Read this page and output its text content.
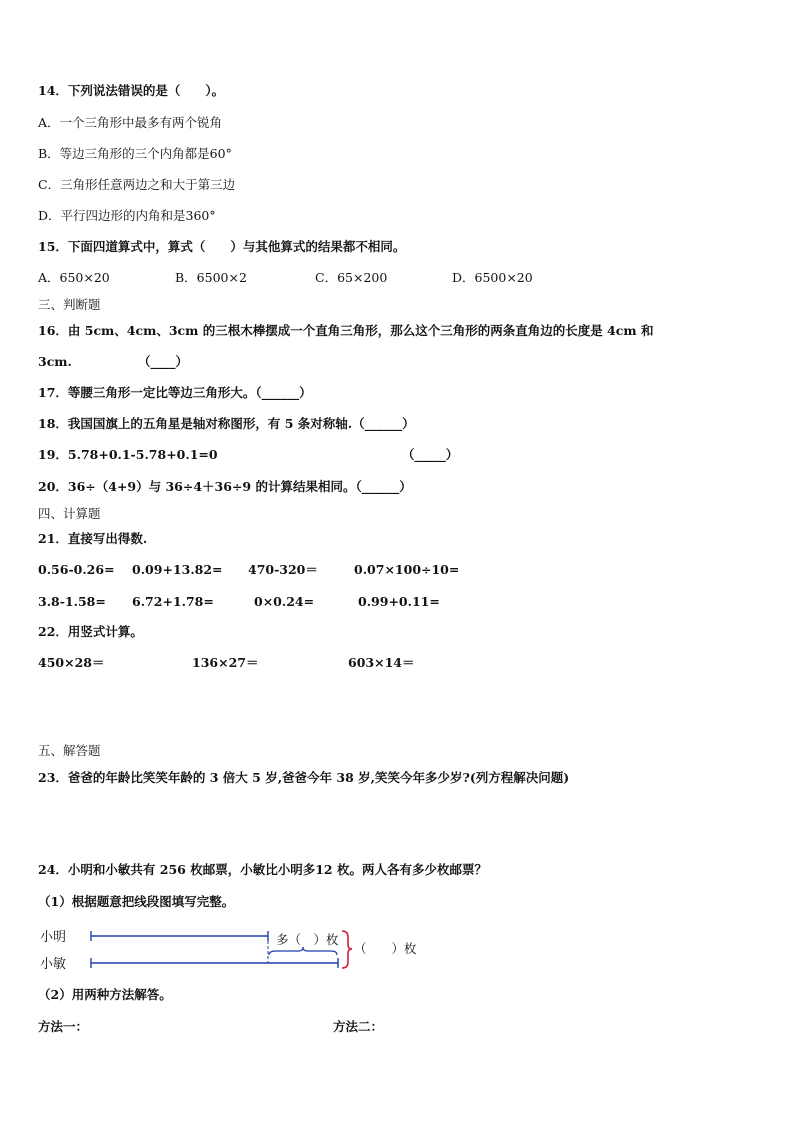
14．下列说法错误的是（　　）。
A．一个三角形中最多有两个锐角
B．等边三角形的三个内角都是60°
C．三角形任意两边之和大于第三边
D．平行四边形的内角和是360°
15．下面四道算式中，算式（　　）与其他算式的结果都不相同。
A．650×20	B．6500×2	C．65×200	D．6500×20
三、判断题
16．由 5cm、4cm、3cm 的三根木棒摆成一个直角三角形，那么这个三角形的两条直角边的长度是 4cm 和
3cm.	（____）
17．等腰三角形一定比等边三角形大。（______）
18．我国国旗上的五角星是轴对称图形，有 5 条对称轴.（______）
19．5.78+0.1-5.78+0.1=0	（_____）
20．36÷（4+9）与 36÷4＋36÷9 的计算结果相同。（______）
四、计算题
21．直接写出得数.
0.56-0.26= 0.09+13.82= 470-320＝	0.07×100÷10=
3.8-1.58= 6.72+1.78=	0×0.24=	0.99+0.11=
22．用竖式计算。
450×28＝	136×27＝	603×14＝
五、解答题
23．爸爸的年龄比笑笑年龄的 3 倍大 5 岁,爸爸今年 38 岁,笑笑今年多少岁?(列方程解决问题)
24．小明和小敏共有 256 枚邮票，小敏比小明多12 枚。两人各有多少枚邮票？
（1）根据题意把线段图填写完整。
小明
小敏
多（　）枚
（　　）枚
（2）用两种方法解答。
方法一：	方法二：
